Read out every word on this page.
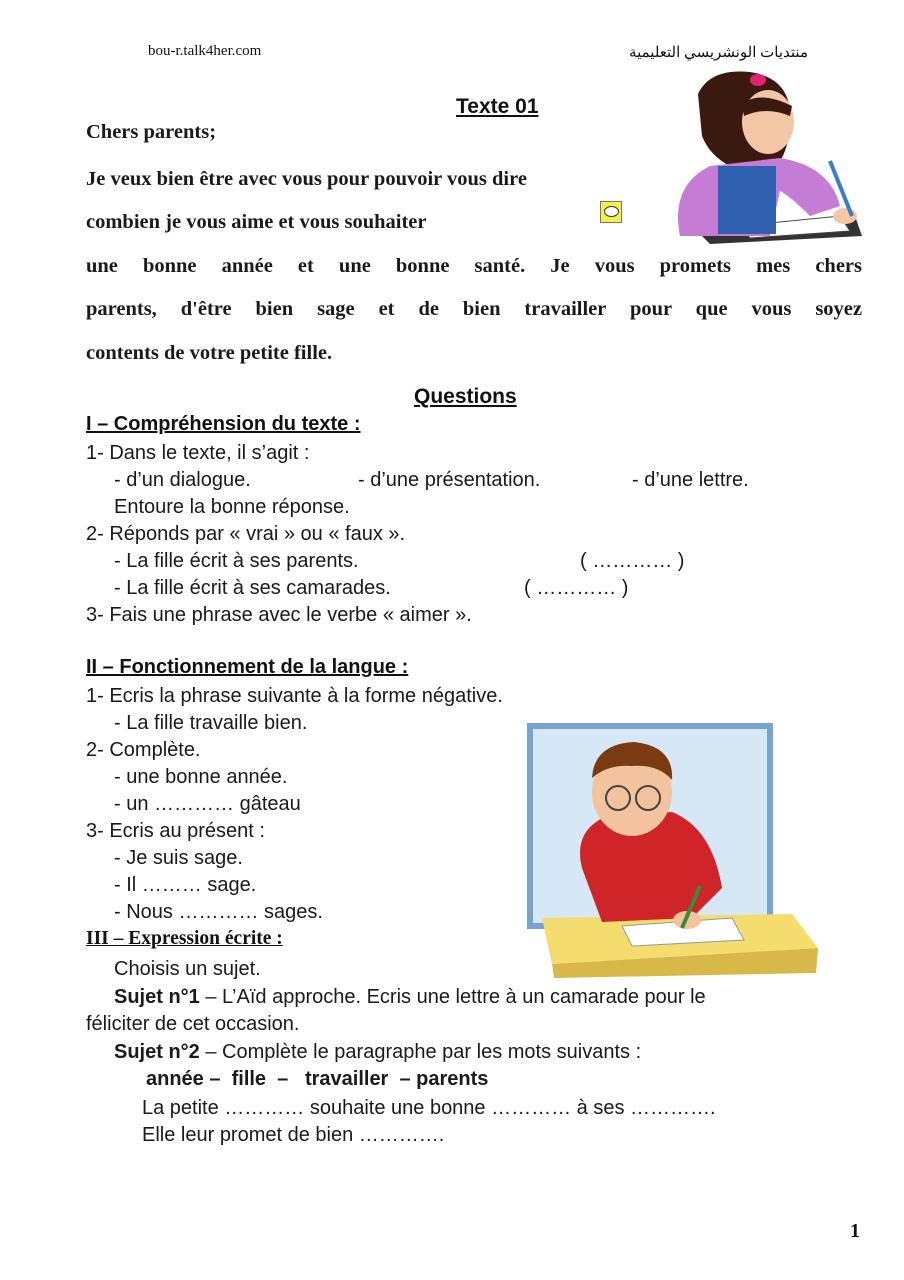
bou-r.talk4her.com	منتديات الونشريسي التعليمية
Texte 01
Chers parents;
Je veux bien être avec vous pour pouvoir vous dire
combien je vous aime et vous souhaiter
une bonne année et une bonne santé. Je vous promets mes chers
parents, d'être bien sage et de bien travailler pour que vous soyez
contents de votre petite fille.
Questions
I – Compréhension du texte :
1- Dans le texte, il s’agit :
- d’un dialogue.	- d’une présentation.	- d’une lettre.
Entoure la bonne réponse.
2- Réponds par « vrai » ou « faux ».
- La fille écrit à ses parents.	( ………… )
- La fille écrit à ses camarades.	( ………… )
3- Fais une phrase avec le verbe « aimer ».
II – Fonctionnement de la langue :
1- Ecris la phrase suivante à la forme négative.
- La fille travaille bien.
2- Complète.
- une bonne année.
- un ………… gâteau
3- Ecris au présent :
- Je suis sage.
- Il ……… sage.
- Nous ………… sages.
III – Expression écrite :
Choisis un sujet.
Sujet n°1 – L’Aïd approche. Ecris une lettre à un camarade pour le
féliciter de cet occasion.
Sujet n°2 – Complète le paragraphe par les mots suivants :
année –  fille  –   travailler  – parents
La petite ………… souhaite une bonne ………… à ses ………….
Elle leur promet de bien ………….
1
